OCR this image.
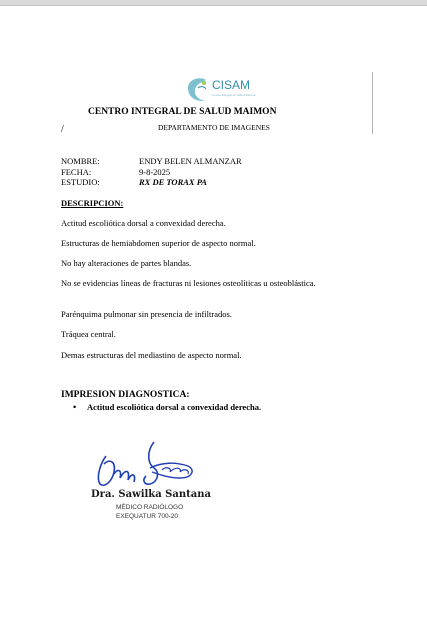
CISAM
Centro Integral de Salud Maimon
CENTRO INTEGRAL DE SALUD MAIMON
DEPARTAMENTO DE IMAGENES
/
NOMBRE:	ENDY BELEN ALMANZAR
FECHA:	9-8-2025
ESTUDIO:	RX DE TORAX PA
DESCRIPCION:
Actitud escoliótica dorsal a convexidad derecha.
Estructuras de hemiabdomen superior de aspecto normal.
No hay alteraciones de partes blandas.
No se evidencias líneas de fracturas ni lesiones osteolíticas u osteoblástica.
Parénquima pulmonar sin presencia de infiltrados.
Tráquea central.
Demas estructuras del mediastino de aspecto normal.
IMPRESION DIAGNOSTICA:
• Actitud escoliótica dorsal a convexidad derecha.
Dra. Sawilka Santana
MÉDICO RADIÓLOGO
EXEQUATUR 700-20
